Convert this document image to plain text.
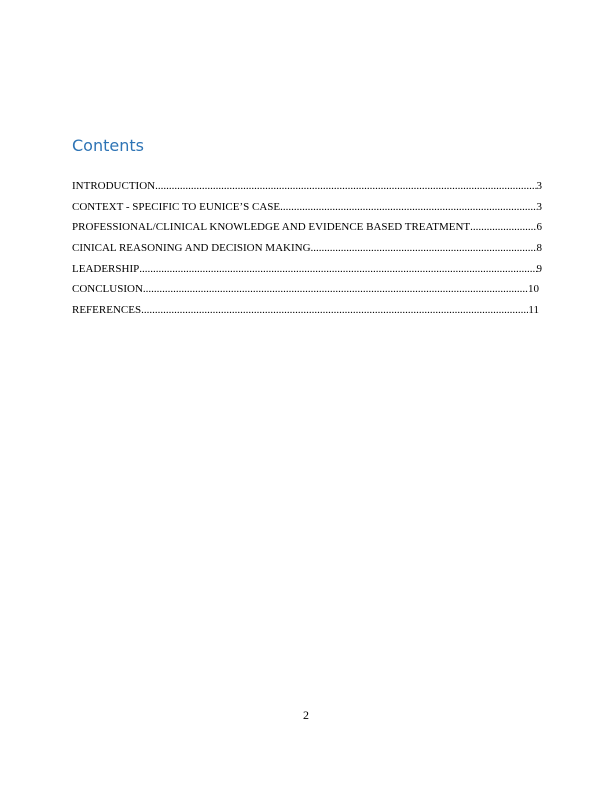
Contents
INTRODUCTION .....	3
CONTEXT - SPECIFIC TO EUNICE’S CASE .....	3
PROFESSIONAL/CLINICAL KNOWLEDGE AND EVIDENCE BASED TREATMENT .....	6
CINICAL REASONING AND DECISION MAKING .....	8
LEADERSHIP .....	9
CONCLUSION .....	10
REFERENCES .....	11
2
